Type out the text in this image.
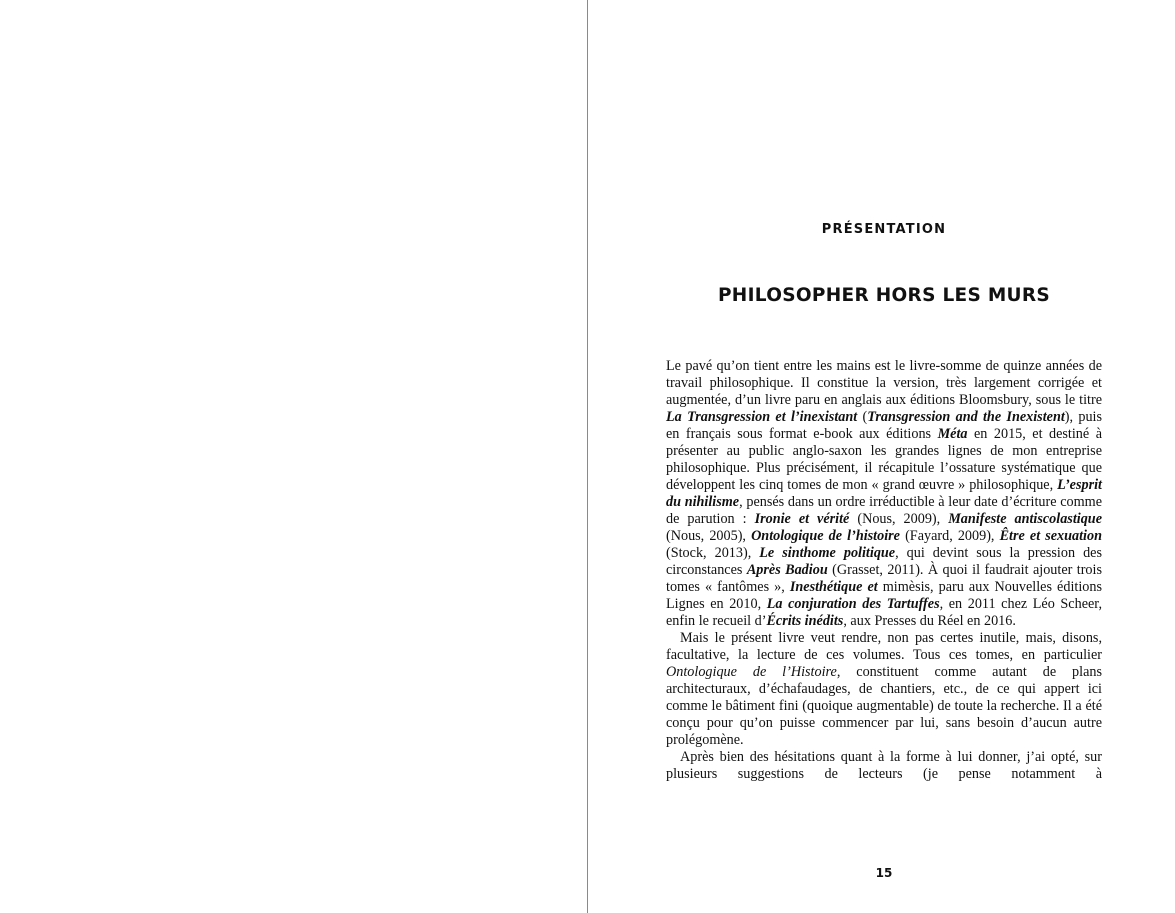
PRÉSENTATION
PHILOSOPHER HORS LES MURS

Le pavé qu’on tient entre les mains est le livre-somme de quinze années de travail philosophique. Il constitue la version, très largement corrigée et augmentée, d’un livre paru en anglais aux éditions Bloomsbury, sous le titre La Transgression et l’inexistant (Transgression and the Inexistent), puis en français sous format e-book aux éditions Méta en 2015, et destiné à présenter au public anglo-saxon les grandes lignes de mon entreprise philosophique. Plus précisément, il récapitule l’ossature systématique que développent les cinq tomes de mon « grand œuvre » philosophique, L’esprit du nihilisme, pensés dans un ordre irréductible à leur date d’écriture comme de parution : Ironie et vérité (Nous, 2009), Manifeste antiscolastique (Nous, 2005), Ontologique de l’histoire (Fayard, 2009), Être et sexuation (Stock, 2013), Le sinthome politique, qui devint sous la pression des circonstances Après Badiou (Grasset, 2011). À quoi il faudrait ajouter trois tomes « fantômes », Inesthétique et mimèsis, paru aux Nouvelles éditions Lignes en 2010, La conjuration des Tartuffes, en 2011 chez Léo Scheer, enfin le recueil d’Écrits inédits, aux Presses du Réel en 2016.

Mais le présent livre veut rendre, non pas certes inutile, mais, disons, facultative, la lecture de ces volumes. Tous ces tomes, en particulier Ontologique de l’Histoire, constituent comme autant de plans architecturaux, d’échafaudages, de chantiers, etc., de ce qui appert ici comme le bâtiment fini (quoique augmentable) de toute la recherche. Il a été conçu pour qu’on puisse commencer par lui, sans besoin d’aucun autre prolégomène.

Après bien des hésitations quant à la forme à lui donner, j’ai opté, sur plusieurs suggestions de lecteurs (je pense notamment à

15
